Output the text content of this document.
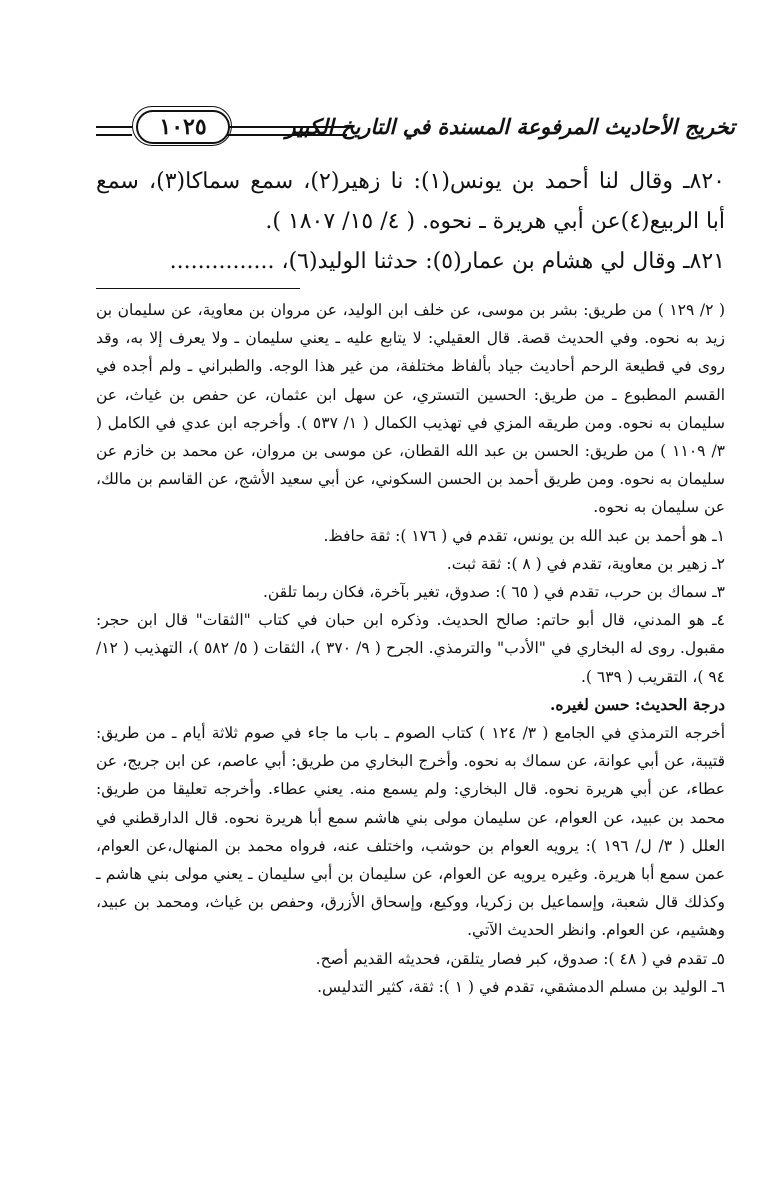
تخريج الأحاديث المرفوعة المسندة في التاريخ الكبير
١٠٢٥

٨٢٠ـ وقال لنا أحمد بن يونس(١): نا زهير(٢)، سمع سماكا(٣)، سمع

أبا الربيع(٤)عن أبي هريرة ـ نحوه. ( ٤/ ١٥/ ١٨٠٧ ).

٨٢١ـ وقال لي هشام بن عمار(٥): حدثنا الوليد(٦)، ...............

( ٢/ ١٢٩ ) من طريق: بشر بن موسى، عن خلف ابن الوليد، عن مروان بن معاوية، عن سليمان بن زيد به نحوه. وفي الحديث قصة. قال العقيلي: لا يتابع عليه ـ يعني سليمان ـ ولا يعرف إلا به، وقد روى في قطيعة الرحم أحاديث جياد بألفاظ مختلفة، من غير هذا الوجه. والطبراني ـ ولم أجده في القسم المطبوع ـ من طريق: الحسين التستري، عن سهل ابن عثمان، عن حفص بن غياث، عن سليمان به نحوه. ومن طريقه المزي في تهذيب الكمال ( ١/ ٥٣٧ ). وأخرجه ابن عدي في الكامل ( ٣/ ١١٠٩ ) من طريق: الحسن بن عبد الله القطان، عن موسى بن مروان، عن محمد بن خازم عن سليمان به نحوه. ومن طريق أحمد بن الحسن السكوني، عن أبي سعيد الأشج، عن القاسم بن مالك، عن سليمان به نحوه.

١ـ هو أحمد بن عبد الله بن يونس، تقدم في ( ١٧٦ ): ثقة حافظ.

٢ـ زهير بن معاوية، تقدم في ( ٨ ): ثقة ثبت.

٣ـ سماك بن حرب، تقدم في ( ٦٥ ): صدوق، تغير بآخرة، فكان ربما تلقن.

٤ـ هو المدني، قال أبو حاتم: صالح الحديث. وذكره ابن حبان في كتاب "الثقات" قال ابن حجر: مقبول. روى له البخاري في "الأدب" والترمذي. الجرح ( ٩/ ٣٧٠ )، الثقات ( ٥/ ٥٨٢ )، التهذيب ( ١٢/ ٩٤ )، التقريب ( ٦٣٩ ).

درجة الحديث: حسن لغيره.

أخرجه الترمذي في الجامع ( ٣/ ١٢٤ ) كتاب الصوم ـ باب ما جاء في صوم ثلاثة أيام ـ من طريق: قتيبة، عن أبي عوانة، عن سماك به نحوه. وأخرج البخاري من طريق: أبي عاصم، عن ابن جريج، عن عطاء، عن أبي هريرة نحوه. قال البخاري: ولم يسمع منه. يعني عطاء. وأخرجه تعليقا من طريق: محمد بن عبيد، عن العوام، عن سليمان مولى بني هاشم سمع أبا هريرة نحوه. قال الدارقطني في العلل ( ٣/ ل/ ١٩٦ ): يرويه العوام بن حوشب، واختلف عنه، فرواه محمد بن المنهال،عن العوام، عمن سمع أبا هريرة. وغيره يرويه عن العوام، عن سليمان بن أبي سليمان ـ يعني مولى بني هاشم ـ وكذلك قال شعبة، وإسماعيل بن زكريا، ووكيع، وإسحاق الأزرق، وحفص بن غياث، ومحمد بن عبيد، وهشيم، عن العوام. وانظر الحديث الآتي.

٥ـ تقدم في ( ٤٨ ): صدوق، كبر فصار يتلقن، فحديثه القديم أصح.

٦ـ الوليد بن مسلم الدمشقي، تقدم في ( ١ ): ثقة، كثير التدليس.
